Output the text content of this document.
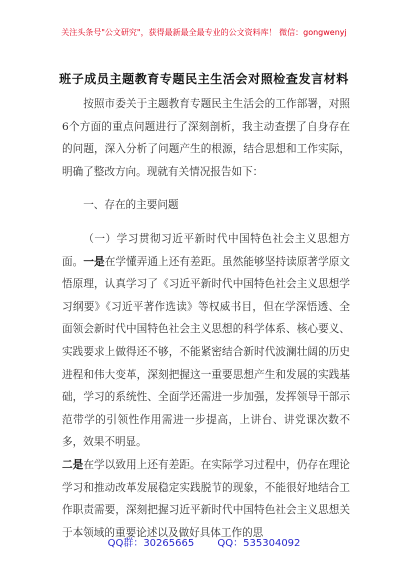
关注头条号"公文研究"，获得最新最全最专业的公文资料库！ 微信：gongwenyj
班子成员主题教育专题民主生活会对照检查发言材料

按照市委关于主题教育专题民主生活会的工作部署，对照6个方面的重点问题进行了深刻剖析，我主动查摆了自身存在的问题，深入分析了问题产生的根源，结合思想和工作实际，明确了整改方向。现就有关情况报告如下：

一、存在的主要问题

（一）学习贯彻习近平新时代中国特色社会主义思想方面。一是在学懂弄通上还有差距。虽然能够坚持读原著学原文悟原理，认真学习了《习近平新时代中国特色社会主义思想学习纲要》《习近平著作选读》等权威书目，但在学深悟透、全面领会新时代中国特色社会主义思想的科学体系、核心要义、实践要求上做得还不够，不能紧密结合新时代波澜壮阔的历史进程和伟大变革，深刻把握这一重要思想产生和发展的实践基础，学习的系统性、全面学还需进一步加强，发挥领导干部示范带学的引领性作用需进一步提高，上讲台、讲党课次数不多，效果不明显。

二是在学以致用上还有差距。在实际学习过程中，仍存在理论学习和推动改革发展稳定实践脱节的现象，不能很好地结合工作职责需要，深刻把握习近平新时代中国特色社会主义思想关于本领域的重要论述以及做好具体工作的思

QQ群：30265665 QQ：535304092
